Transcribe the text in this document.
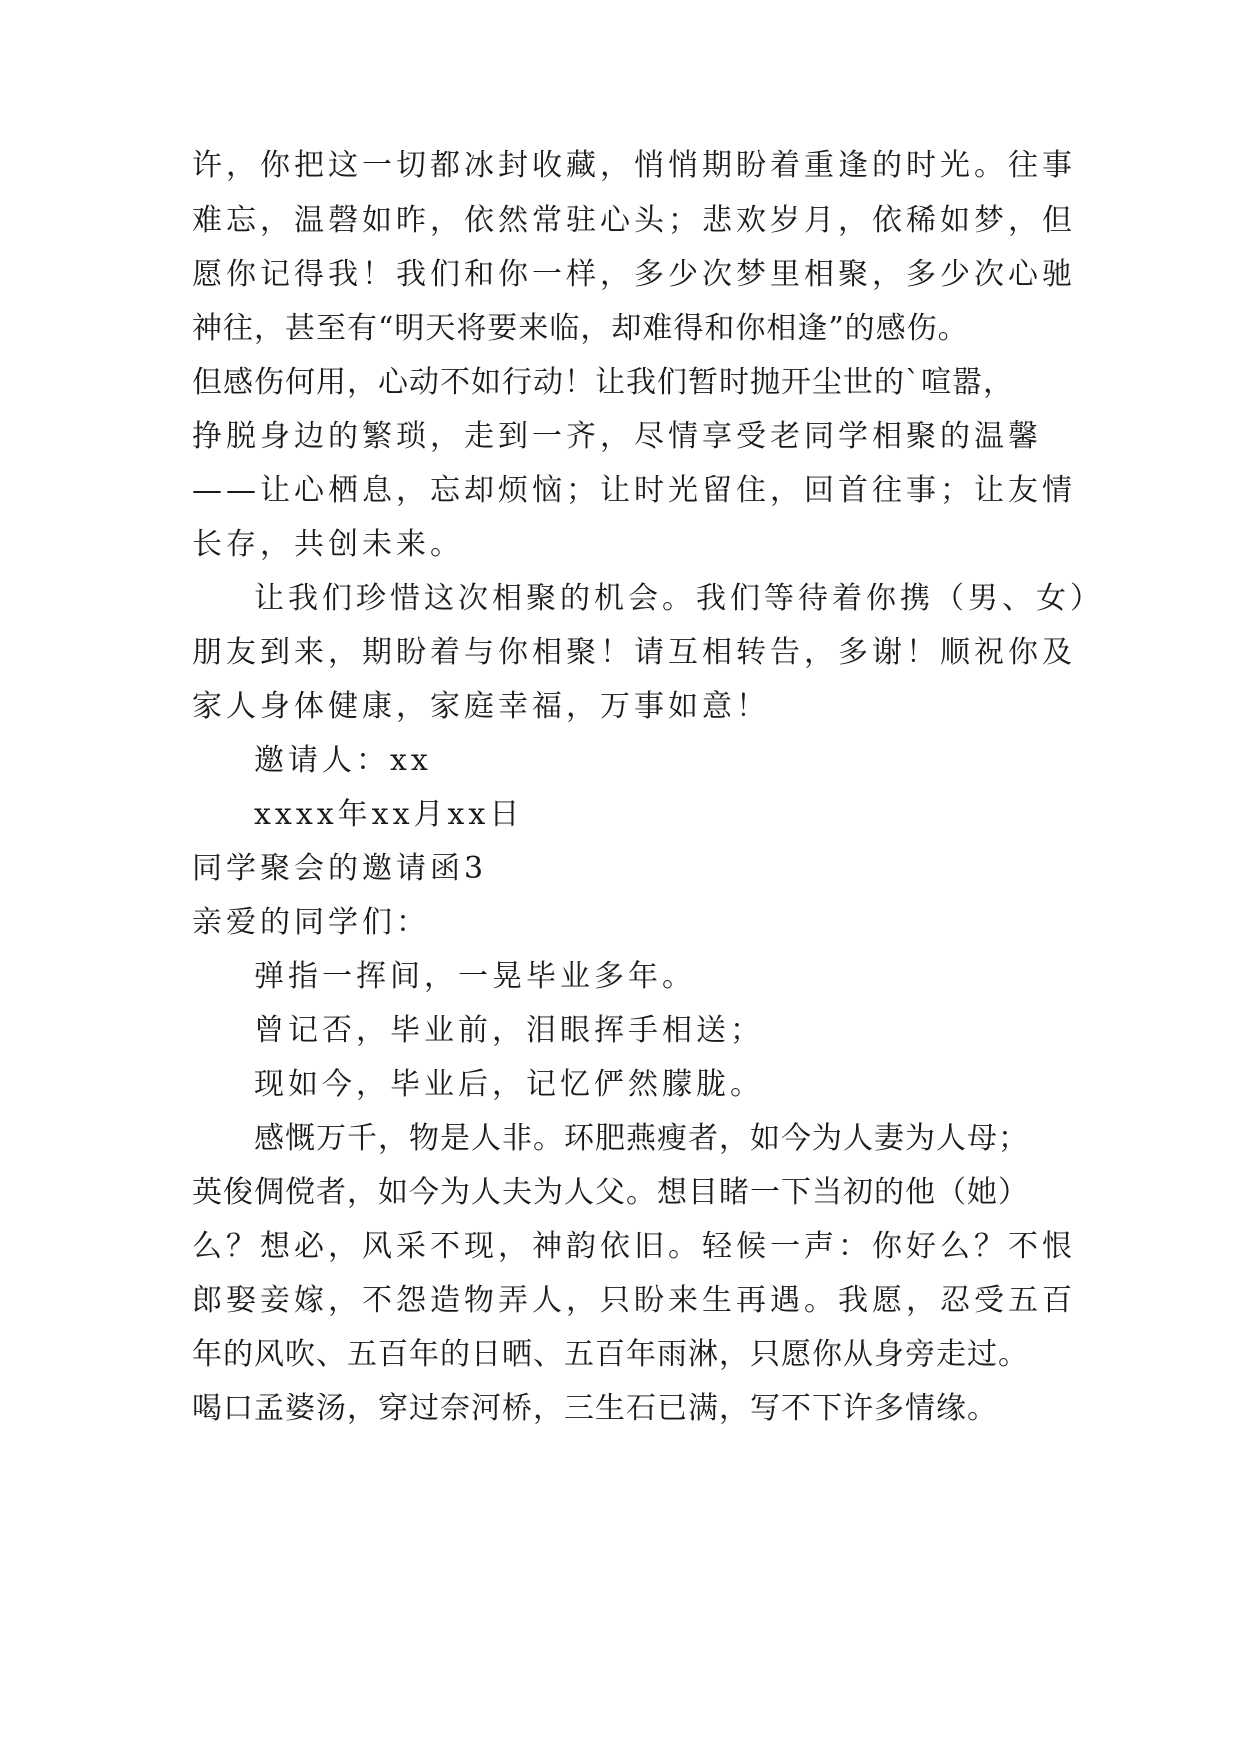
许，你把这一切都冰封收藏，悄悄期盼着重逢的时光。往事

难忘，温磬如昨，依然常驻心头；悲欢岁月，依稀如梦，但

愿你记得我！我们和你一样，多少次梦里相聚，多少次心驰

神往，甚至有“明天将要来临，却难得和你相逢”的感伤。

但感伤何用，心动不如行动！让我们暂时抛开尘世的`喧嚣，

挣脱身边的繁琐，走到一齐，尽情享受老同学相聚的温馨

——让心栖息，忘却烦恼；让时光留住，回首往事；让友情

长存，共创未来。

让我们珍惜这次相聚的机会。我们等待着你携（男、女）

朋友到来，期盼着与你相聚！请互相转告，多谢！顺祝你及

家人身体健康，家庭幸福，万事如意！

邀请人：xx

xxxx年xx月xx日

同学聚会的邀请函3

亲爱的同学们：

弹指一挥间，一晃毕业多年。

曾记否，毕业前，泪眼挥手相送；

现如今，毕业后，记忆俨然朦胧。

感慨万千，物是人非。环肥燕瘦者，如今为人妻为人母；

英俊倜傥者，如今为人夫为人父。想目睹一下当初的他（她）

么？想必，风采不现，神韵依旧。轻候一声：你好么？不恨

郎娶妾嫁，不怨造物弄人，只盼来生再遇。我愿，忍受五百

年的风吹、五百年的日晒、五百年雨淋，只愿你从身旁走过。

喝口孟婆汤，穿过奈河桥，三生石已满，写不下许多情缘。
